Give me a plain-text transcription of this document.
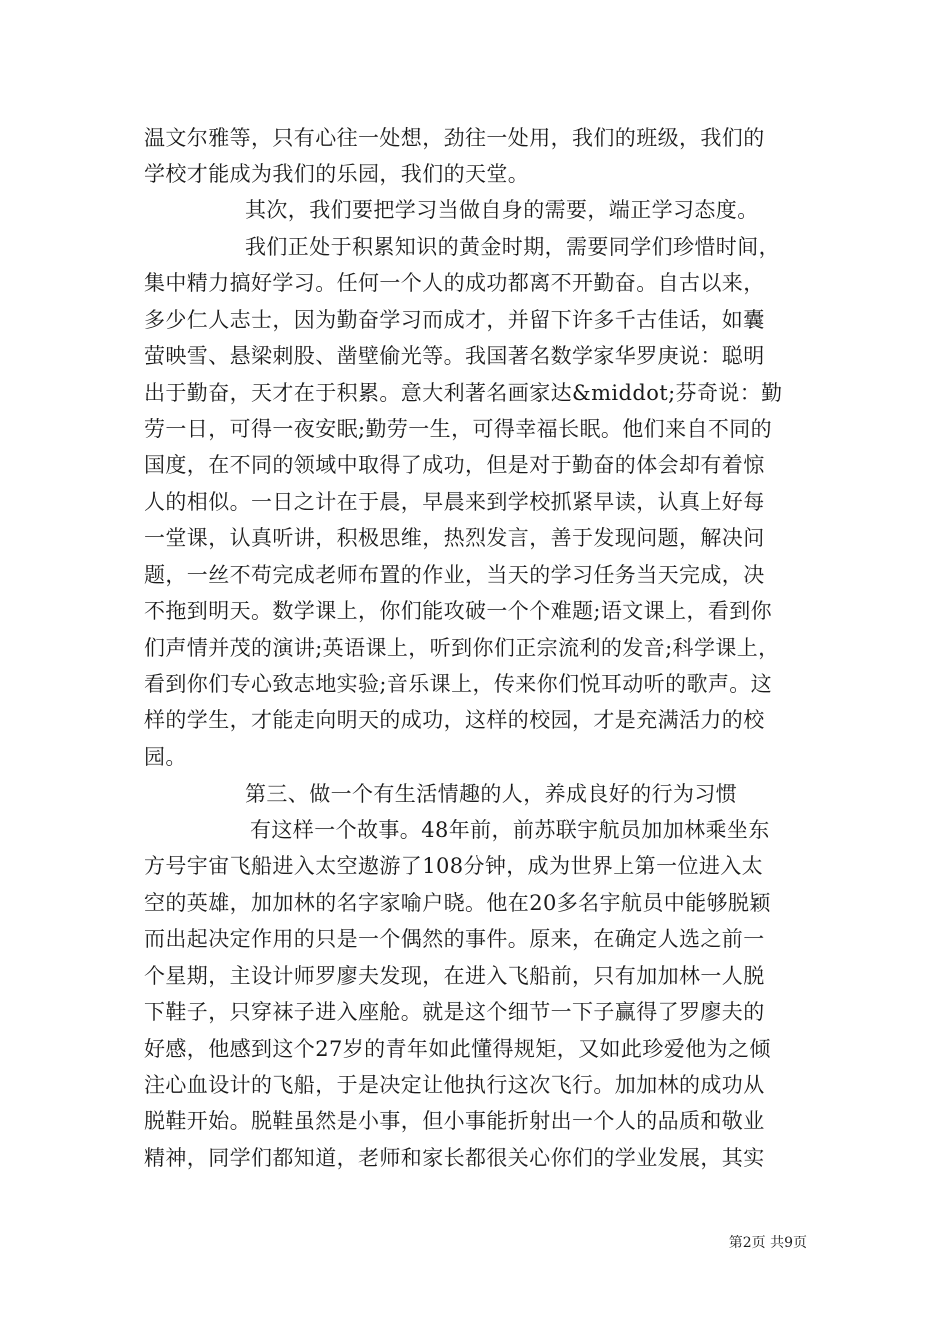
温文尔雅等，只有心往一处想，劲往一处用，我们的班级，我们的
学校才能成为我们的乐园，我们的天堂。
其次，我们要把学习当做自身的需要，端正学习态度。
我们正处于积累知识的黄金时期，需要同学们珍惜时间，
集中精力搞好学习。任何一个人的成功都离不开勤奋。自古以来，
多少仁人志士，因为勤奋学习而成才，并留下许多千古佳话，如囊
萤映雪、悬梁刺股、凿壁偷光等。我国著名数学家华罗庚说：聪明
出于勤奋，天才在于积累。意大利著名画家达&middot;芬奇说：勤
劳一日，可得一夜安眠;勤劳一生，可得幸福长眠。他们来自不同的
国度，在不同的领域中取得了成功，但是对于勤奋的体会却有着惊
人的相似。一日之计在于晨，早晨来到学校抓紧早读，认真上好每
一堂课，认真听讲，积极思维，热烈发言，善于发现问题，解决问
题，一丝不苟完成老师布置的作业，当天的学习任务当天完成，决
不拖到明天。数学课上，你们能攻破一个个难题;语文课上，看到你
们声情并茂的演讲;英语课上，听到你们正宗流利的发音;科学课上，
看到你们专心致志地实验;音乐课上，传来你们悦耳动听的歌声。这
样的学生，才能走向明天的成功，这样的校园，才是充满活力的校
园。
第三、做一个有生活情趣的人，养成良好的行为习惯
有这样一个故事。48年前，前苏联宇航员加加林乘坐东
方号宇宙飞船进入太空遨游了108分钟，成为世界上第一位进入太
空的英雄，加加林的名字家喻户晓。他在20多名宇航员中能够脱颖
而出起决定作用的只是一个偶然的事件。原来，在确定人选之前一
个星期，主设计师罗廖夫发现，在进入飞船前，只有加加林一人脱
下鞋子，只穿袜子进入座舱。就是这个细节一下子赢得了罗廖夫的
好感，他感到这个27岁的青年如此懂得规矩，又如此珍爱他为之倾
注心血设计的飞船，于是决定让他执行这次飞行。加加林的成功从
脱鞋开始。脱鞋虽然是小事，但小事能折射出一个人的品质和敬业
精神，同学们都知道，老师和家长都很关心你们的学业发展，其实
第2页 共9页
